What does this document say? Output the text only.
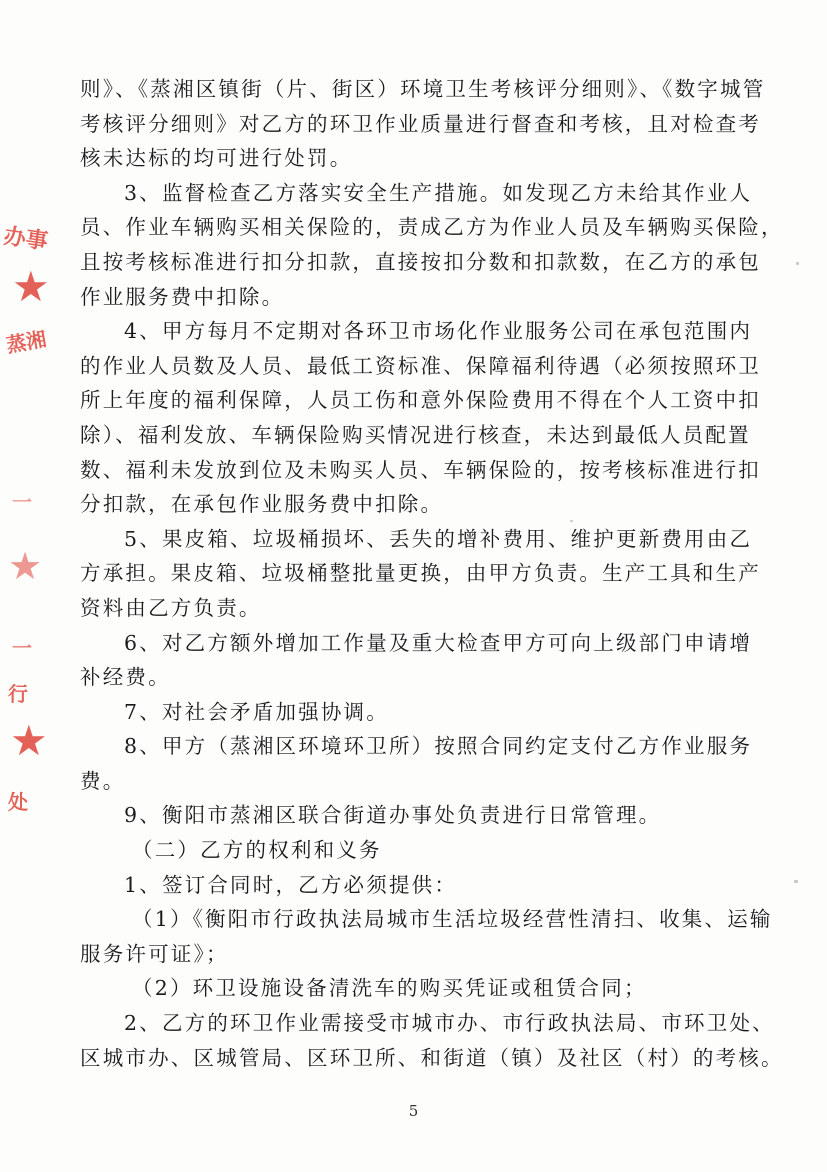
办事
★
蒸湘
一
★
一
行
★
处
则》、《蒸湘区镇街（片、街区）环境卫生考核评分细则》、《数字城管
考核评分细则》对乙方的环卫作业质量进行督查和考核，且对检查考
核未达标的均可进行处罚。
3、监督检查乙方落实安全生产措施。如发现乙方未给其作业人
员、作业车辆购买相关保险的，责成乙方为作业人员及车辆购买保险，
且按考核标准进行扣分扣款，直接按扣分数和扣款数，在乙方的承包
作业服务费中扣除。
4、甲方每月不定期对各环卫市场化作业服务公司在承包范围内
的作业人员数及人员、最低工资标准、保障福利待遇（必须按照环卫
所上年度的福利保障，人员工伤和意外保险费用不得在个人工资中扣
除）、福利发放、车辆保险购买情况进行核查，未达到最低人员配置
数、福利未发放到位及未购买人员、车辆保险的，按考核标准进行扣
分扣款，在承包作业服务费中扣除。
5、果皮箱、垃圾桶损坏、丢失的增补费用、维护更新费用由乙
方承担。果皮箱、垃圾桶整批量更换，由甲方负责。生产工具和生产
资料由乙方负责。
6、对乙方额外增加工作量及重大检查甲方可向上级部门申请增
补经费。
7、对社会矛盾加强协调。
8、甲方（蒸湘区环境环卫所）按照合同约定支付乙方作业服务
费。
9、衡阳市蒸湘区联合街道办事处负责进行日常管理。
（二）乙方的权利和义务
1、签订合同时，乙方必须提供：
（1）《衡阳市行政执法局城市生活垃圾经营性清扫、收集、运输
服务许可证》；
（2）环卫设施设备清洗车的购买凭证或租赁合同；
2、乙方的环卫作业需接受市城市办、市行政执法局、市环卫处、
区城市办、区城管局、区环卫所、和街道（镇）及社区（村）的考核。
5
